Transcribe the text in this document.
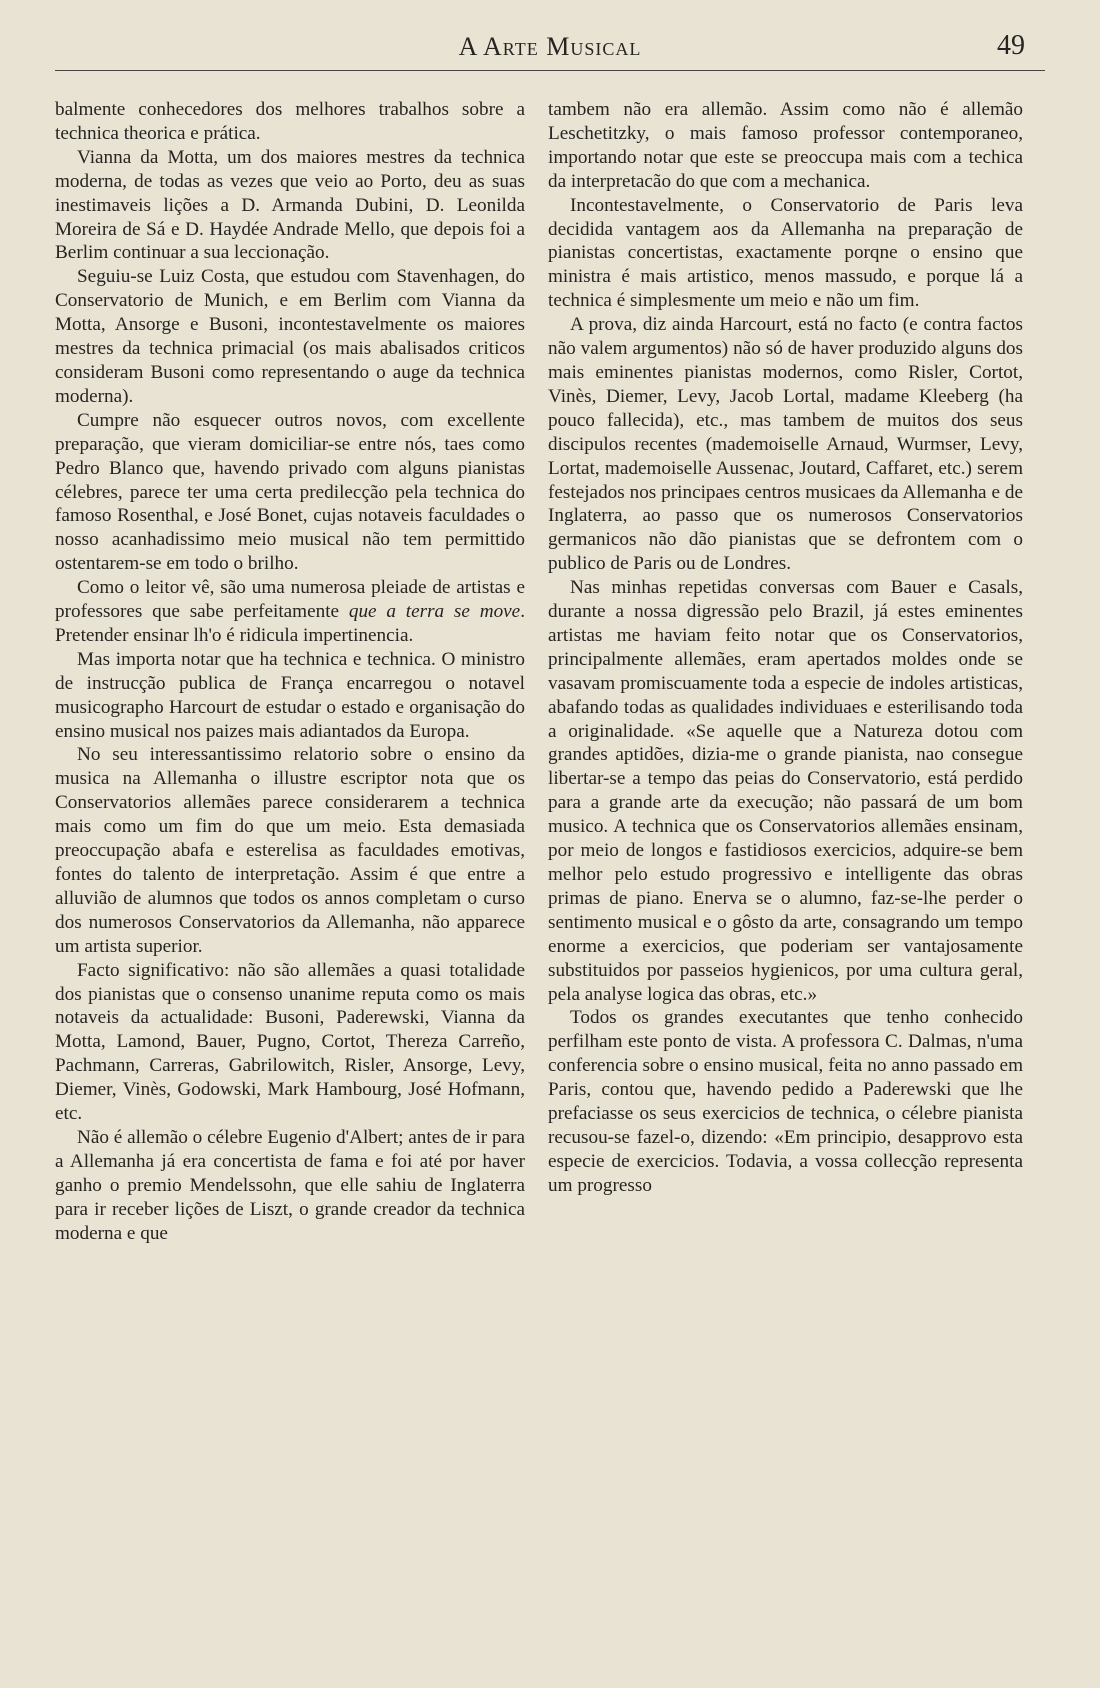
A Arte Musical	49

balmente conhecedores dos melhores trabalhos sobre a technica theorica e prática.

Vianna da Motta, um dos maiores mestres da technica moderna, de todas as vezes que veio ao Porto, deu as suas inestimaveis lições a D. Armanda Dubini, D. Leonilda Moreira de Sá e D. Haydée Andrade Mello, que depois foi a Berlim continuar a sua leccionação.

Seguiu-se Luiz Costa, que estudou com Stavenhagen, do Conservatorio de Munich, e em Berlim com Vianna da Motta, Ansorge e Busoni, incontestavelmente os maiores mestres da technica primacial (os mais abalisados criticos consideram Busoni como representando o auge da technica moderna).

Cumpre não esquecer outros novos, com excellente preparação, que vieram domiciliar-se entre nós, taes como Pedro Blanco que, havendo privado com alguns pianistas célebres, parece ter uma certa predilecção pela technica do famoso Rosenthal, e José Bonet, cujas notaveis faculdades o nosso acanhadissimo meio musical não tem permittido ostentarem-se em todo o brilho.

Como o leitor vê, são uma numerosa pleiade de artistas e professores que sabe perfeitamente que a terra se move. Pretender ensinar lh'o é ridicula impertinencia.

Mas importa notar que ha technica e technica. O ministro de instrucção publica de França encarregou o notavel musicographo Harcourt de estudar o estado e organisação do ensino musical nos paizes mais adiantados da Europa.

No seu interessantissimo relatorio sobre o ensino da musica na Allemanha o illustre escriptor nota que os Conservatorios allemães parece considerarem a technica mais como um fim do que um meio. Esta demasiada preoccupação abafa e esterelisa as faculdades emotivas, fontes do talento de interpretação. Assim é que entre a alluvião de alumnos que todos os annos completam o curso dos numerosos Conservatorios da Allemanha, não apparece um artista superior.

Facto significativo: não são allemães a quasi totalidade dos pianistas que o consenso unanime reputa como os mais notaveis da actualidade: Busoni, Paderewski, Vianna da Motta, Lamond, Bauer, Pugno, Cortot, Thereza Carreño, Pachmann, Carreras, Gabrilowitch, Risler, Ansorge, Levy, Diemer, Vinès, Godowski, Mark Hambourg, José Hofmann, etc.

Não é allemão o célebre Eugenio d'Albert; antes de ir para a Allemanha já era concertista de fama e foi até por haver ganho o premio Mendelssohn, que elle sahiu de Inglaterra para ir receber lições de Liszt, o grande creador da technica moderna e que

tambem não era allemão. Assim como não é allemão Leschetitzky, o mais famoso professor contemporaneo, importando notar que este se preoccupa mais com a techica da interpretacão do que com a mechanica.

Incontestavelmente, o Conservatorio de Paris leva decidida vantagem aos da Allemanha na preparação de pianistas concertistas, exactamente porqne o ensino que ministra é mais artistico, menos massudo, e porque lá a technica é simplesmente um meio e não um fim.

A prova, diz ainda Harcourt, está no facto (e contra factos não valem argumentos) não só de haver produzido alguns dos mais eminentes pianistas modernos, como Risler, Cortot, Vinès, Diemer, Levy, Jacob Lortal, madame Kleeberg (ha pouco fallecida), etc., mas tambem de muitos dos seus discipulos recentes (mademoiselle Arnaud, Wurmser, Levy, Lortat, mademoiselle Aussenac, Joutard, Caffaret, etc.) serem festejados nos principaes centros musicaes da Allemanha e de Inglaterra, ao passo que os numerosos Conservatorios germanicos não dão pianistas que se defrontem com o publico de Paris ou de Londres.

Nas minhas repetidas conversas com Bauer e Casals, durante a nossa digressão pelo Brazil, já estes eminentes artistas me haviam feito notar que os Conservatorios, principalmente allemães, eram apertados moldes onde se vasavam promiscuamente toda a especie de indoles artisticas, abafando todas as qualidades individuaes e esterilisando toda a originalidade. «Se aquelle que a Natureza dotou com grandes aptidões, dizia-me o grande pianista, nao consegue libertar-se a tempo das peias do Conservatorio, está perdido para a grande arte da execução; não passará de um bom musico. A technica que os Conservatorios allemães ensinam, por meio de longos e fastidiosos exercicios, adquire-se bem melhor pelo estudo progressivo e intelligente das obras primas de piano. Enerva se o alumno, faz-se-lhe perder o sentimento musical e o gôsto da arte, consagrando um tempo enorme a exercicios, que poderiam ser vantajosamente substituidos por passeios hygienicos, por uma cultura geral, pela analyse logica das obras, etc.»

Todos os grandes executantes que tenho conhecido perfilham este ponto de vista. A professora C. Dalmas, n'uma conferencia sobre o ensino musical, feita no anno passado em Paris, contou que, havendo pedido a Paderewski que lhe prefaciasse os seus exercicios de technica, o célebre pianista recusou-se fazel-o, dizendo: «Em principio, desapprovo esta especie de exercicios. Todavia, a vossa collecção representa um progresso
